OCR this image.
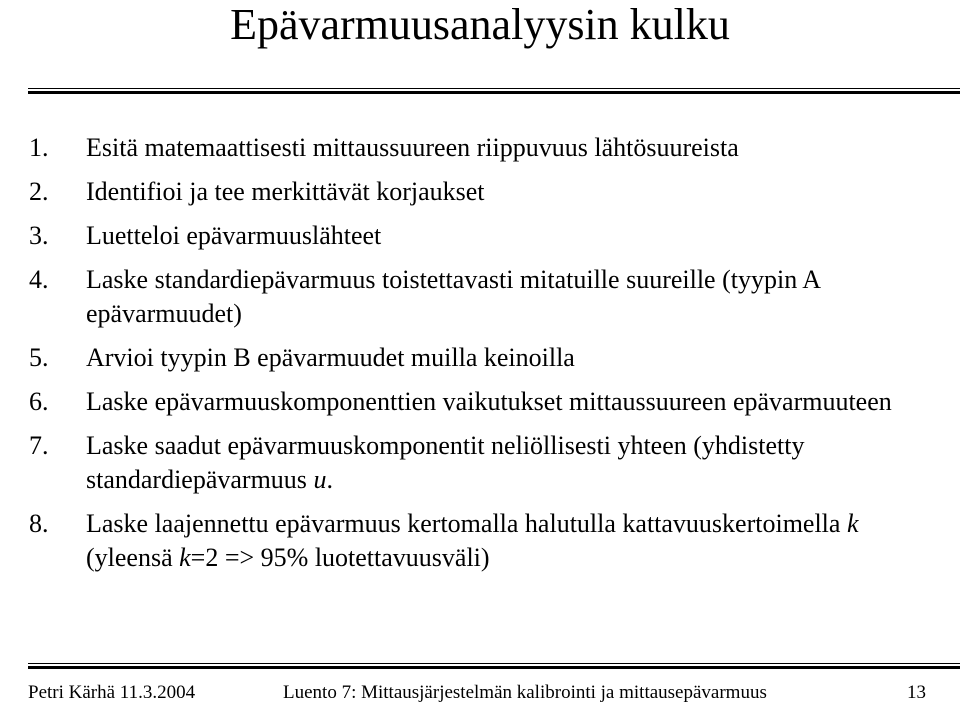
Epävarmuusanalyysin kulku
1. Esitä matemaattisesti mittaussuureen riippuvuus lähtösuureista
2. Identifioi ja tee merkittävät korjaukset
3. Luetteloi epävarmuuslähteet
4. Laske standardiepävarmuus toistettavasti mitatuille suureille (tyypin A epävarmuudet)
5. Arvioi tyypin B epävarmuudet muilla keinoilla
6. Laske epävarmuuskomponenttien vaikutukset mittaussuureen epävarmuuteen
7. Laske saadut epävarmuuskomponentit neliöllisesti yhteen (yhdistetty standardiepävarmuus u.
8. Laske laajennettu epävarmuus kertomalla halutulla kattavuuskertoimella k (yleensä k=2 => 95% luotettavuusväli)
Petri Kärhä 11.3.2004	Luento 7: Mittausjärjestelmän kalibrointi ja mittausepävarmuus	13
